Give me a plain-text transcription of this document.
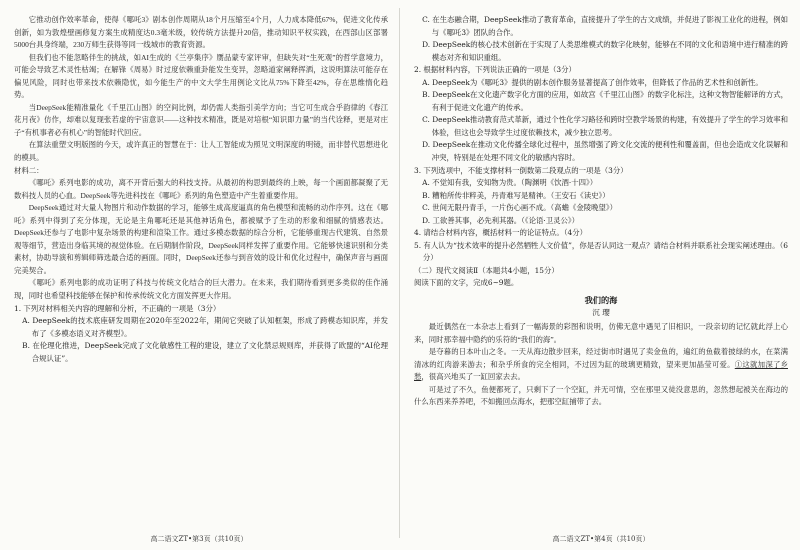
它推动创作效率革命，使得《哪吒3》剧本创作周期从18个月压缩至4个月，人力成本降低67%，促进文化传承创新，如为敦煌壁画修复方案生成精度达0.3毫米级，较传统方法提升20倍，推动知识平权实践，在西部山区部署5000台具身终端，230万师生获得等同一线城市的教育资源。

但我们也不能忽略伴生的挑战，如AI生成的《兰亭集序》赝品蒙专家评审，但缺失对“生死观”的哲学意境力，可能会导致艺术灵性枯竭；在解锋《周易》时过度依赖重卦能发生变异，忽略道家阐释挥洒，这说明算法可能存在偏见风险，同时也带来技术依赖隐忧，如今能生产的中文大学生用例论文比从75%下降至42%，存在思维惰化趋势。

当DeepSeek能精准量化《千里江山图》的空间比例，却仍需人类指引美学方向；当它可生成合乎韵律的《春江花月夜》仿作，却难以复现张若虚的宇宙意识——这种技术精准，既是对培根“知识即力量”的当代诠释，更是对庄子“有机事者必有机心”的智能时代回应。

在算法重塑文明版图的今天，或许真正的智慧在于：让人工智能成为照见文明深度的明镜，而非替代思想进化的模具。

材料二：

《哪吒》系列电影的成功，离不开背后强大的科技支持。从最初的构思到最终的上映，每一个画面都凝聚了无数科技人员的心血。DeepSeek等先进科技在《哪吒》系列的角色塑造中产生着重要作用。

DeepSeek通过对大量人物图片和动作数据的学习，能够生成高度逼真的角色模型和流畅的动作序列。这在《哪吒》系列中得到了充分体现，无论是主角哪吒还是其他神话角色，都被赋予了生动的形象和细腻的情感表达。DeepSeek还参与了电影中复杂场景的构建和渲染工作。通过多模态数据的综合分析，它能够重现古代建筑、自然景观等细节，营造出身临其境的视觉体验。在后期制作阶段，DeepSeek同样发挥了重要作用。它能够快速识别和分类素材，协助导演和剪辑师筛选最合适的画面。同时，DeepSeek还参与到音效的设计和优化过程中，确保声音与画面完美契合。

《哪吒》系列电影的成功证明了科技与传统文化结合的巨大潜力。在未来，我们期待看到更多类似的佳作涌现，同时也希望科技能够在保护和传承传统文化方面发挥更大作用。

1. 下列对材料相关内容的理解和分析，不正确的一项是（3分）

A. DeepSeek的技术底座研发周期在2020年至2022年，期间它突破了认知框架，形成了跨模态知识库，并发布了《多模态语义对齐模型》。

B. 在伦理化推进，DeepSeek完成了文化敏感性工程的建设，建立了文化禁忌规则库，并获得了欧盟的“AI伦理合规认证”。

高二语文ZT•第3页（共10页）

C. 在生态融合期，DeepSeek推动了教育革命，直接提升了学生的古文成绩，并促进了影视工业化的进程，例如与《哪吒3》团队的合作。

D. DeepSeek的核心技术创新在于实现了人类思维模式的数字化映射，能够在不同的文化和语境中进行精准的跨模态对齐和知识重组。

2. 根据材料内容，下列说法正确的一项是（3分）

A. DeepSeek为《哪吒3》提供的剧本创作服务显著提高了创作效率，但降低了作品的艺术性和创新性。

B. DeepSeek在文化遗产数字化方面的应用，如故宫《千里江山图》的数字化标注，这种文物智能解译的方式，有利于促进文化遗产的传承。

C. DeepSeek推动教育范式革新，通过个性化学习路径和跨时空教学场景的构建，有效提升了学生的学习效率和体验，但这也会导致学生过度依赖技术，减少独立思考。

D. DeepSeek在推动文化传播全球化过程中，虽然增强了跨文化交流的便利性和覆盖面，但也会造成文化误解和冲突，特别是在处理不同文化的敏感内容时。

3. 下列选项中，不能支撑材料一倒数第二段观点的一项是（3分）

A. 不觉知有我，安知物为贵。（陶渊明《饮酒·十四》）

B. 糟粕所传非粹美，丹青难写是精神。（王安石《读史》）

C. 世间无限丹青手，一片伤心画不成。（高蟾《金陵晚望》）

D. 工欲善其事，必先利其器。（《论语·卫灵公》）

4. 请结合材料内容，概括材料一的论证特点。（4分）

5. 有人认为“技术效率的提升必然牺牲人文价值”，你是否认同这一观点？请结合材料并联系社会现实阐述理由。（6分）

（二）现代文阅读Ⅱ（本题共4小题，15分）

阅读下面的文字，完成6~9题。

我们的海

沉 璎

最近偶然在一本杂志上看到了一幅海景的彩图和说明，仿佛无意中遇见了旧相识，一段亲切的记忆就此浮上心来，同时那幸福中隐约的乐符的“我们的海”。

是夺暮的日本叶山之冬。一天从海边散步回来，经过街市时遇见了卖金鱼的，遍红的鱼截着披绿的水，在菜满清冰的红肉游来游去；和杂乎所食的完全相同，不过因为缸的玻璃更精致，望来更加晶莹可爱。①这就加深了乡愁，很高兴地买了一缸回家去去。

可是过了不久，鱼便都死了，只剩下了一个空缸，并无可情，空在那里又徒没意思的，忽然想起被关在海边的什么东西来养养吧，不如搬回点海水，把那空缸捕带了去。

高二语文ZT•第4页（共10页）
